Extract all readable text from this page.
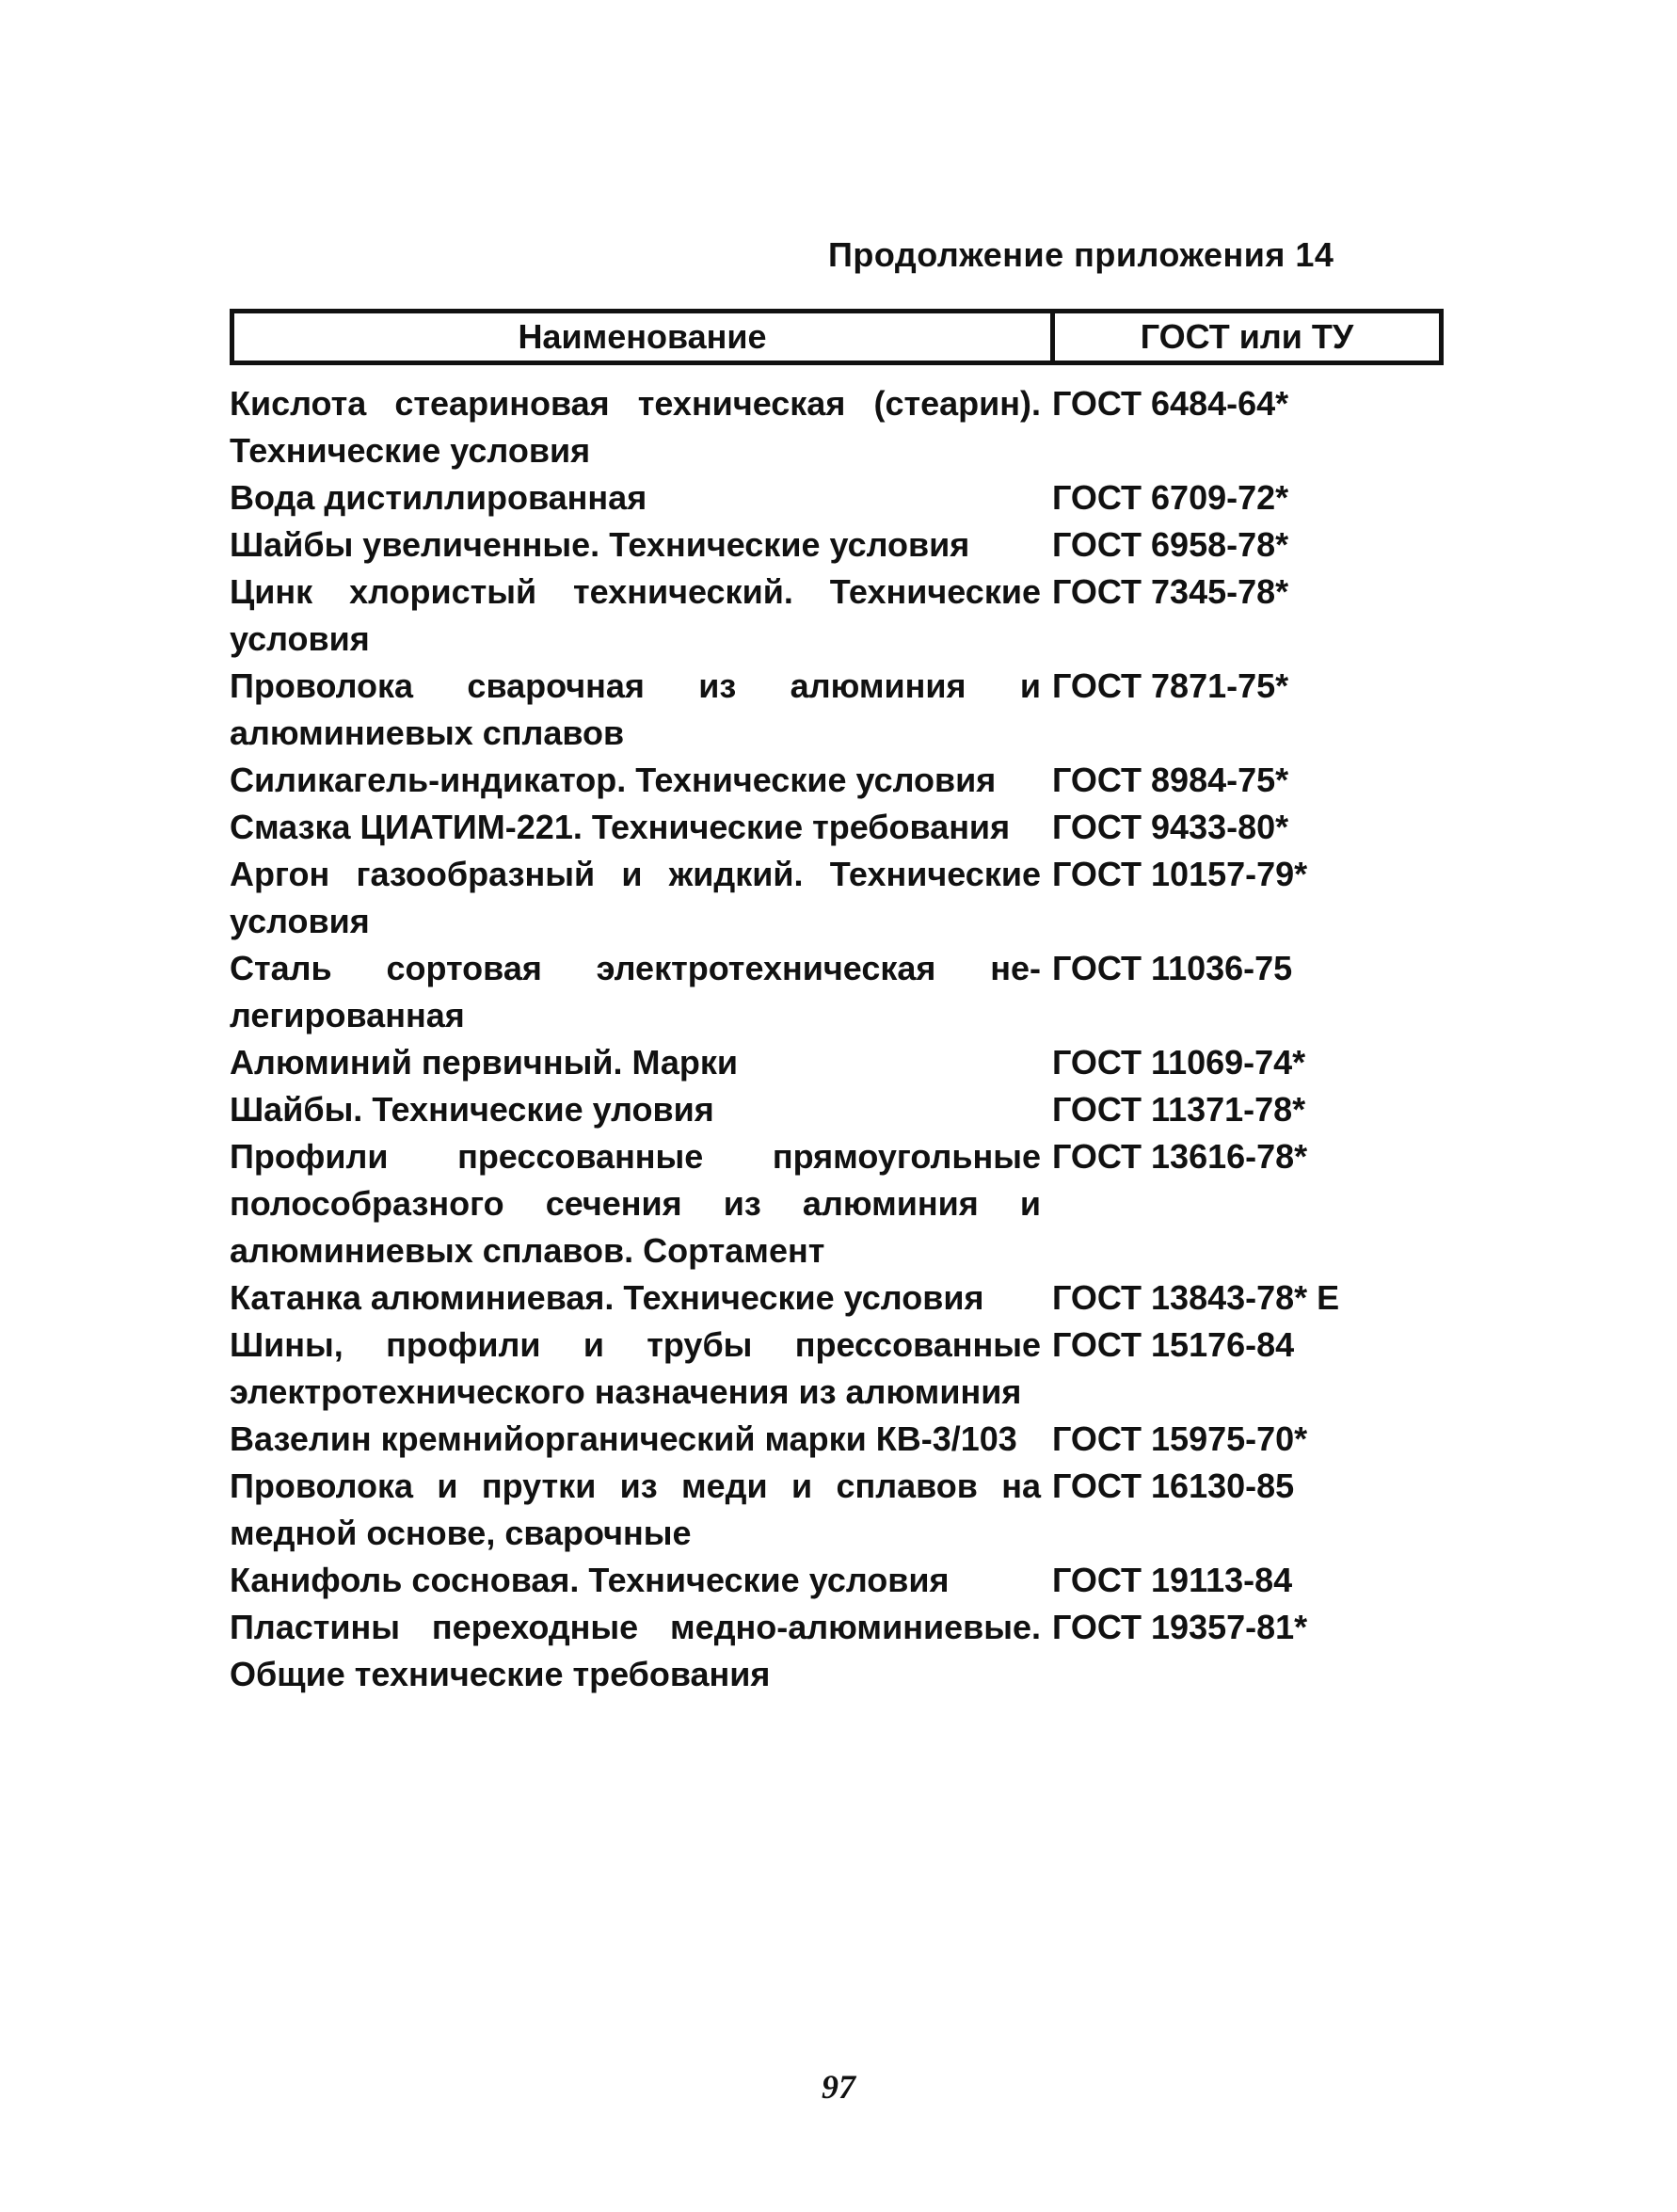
Продолжение приложения 14
Наименование	ГОСТ или ТУ
Кислота стеариновая техническая (стеарин). Технические условия
ГОСТ 6484-64*
Вода дистиллированная	ГОСТ 6709-72*
Шайбы увеличенные. Технические условия	ГОСТ 6958-78*
Цинк хлористый технический. Технические условия
ГОСТ 7345-78*
Проволока сварочная из алюминия и алюминиевых сплавов
ГОСТ 7871-75*
Силикагель-индикатор. Технические условия	ГОСТ 8984-75*
Смазка ЦИАТИМ-221. Технические требования	ГОСТ 9433-80*
Аргон газообразный и жидкий. Технические условия
ГОСТ 10157-79*
Сталь сортовая электротехническая нелегированная
ГОСТ 11036-75
Алюминий первичный. Марки	ГОСТ 11069-74*
Шайбы. Технические уловия	ГОСТ 11371-78*
Профили прессованные прямоугольные полособразного сечения из алюминия и алюминиевых сплавов. Сортамент
ГОСТ 13616-78*
Катанка алюминиевая. Технические условия	ГОСТ 13843-78* Е
Шины, профили и трубы прессованные электротехнического назначения из алюминия
ГОСТ 15176-84
Вазелин кремнийорганический марки КВ-3/103	ГОСТ 15975-70*
Проволока и прутки из меди и сплавов на медной основе, сварочные
ГОСТ 16130-85
Канифоль сосновая. Технические условия	ГОСТ 19113-84
Пластины переходные медно-алюминиевые. Общие технические требования
ГОСТ 19357-81*
97
